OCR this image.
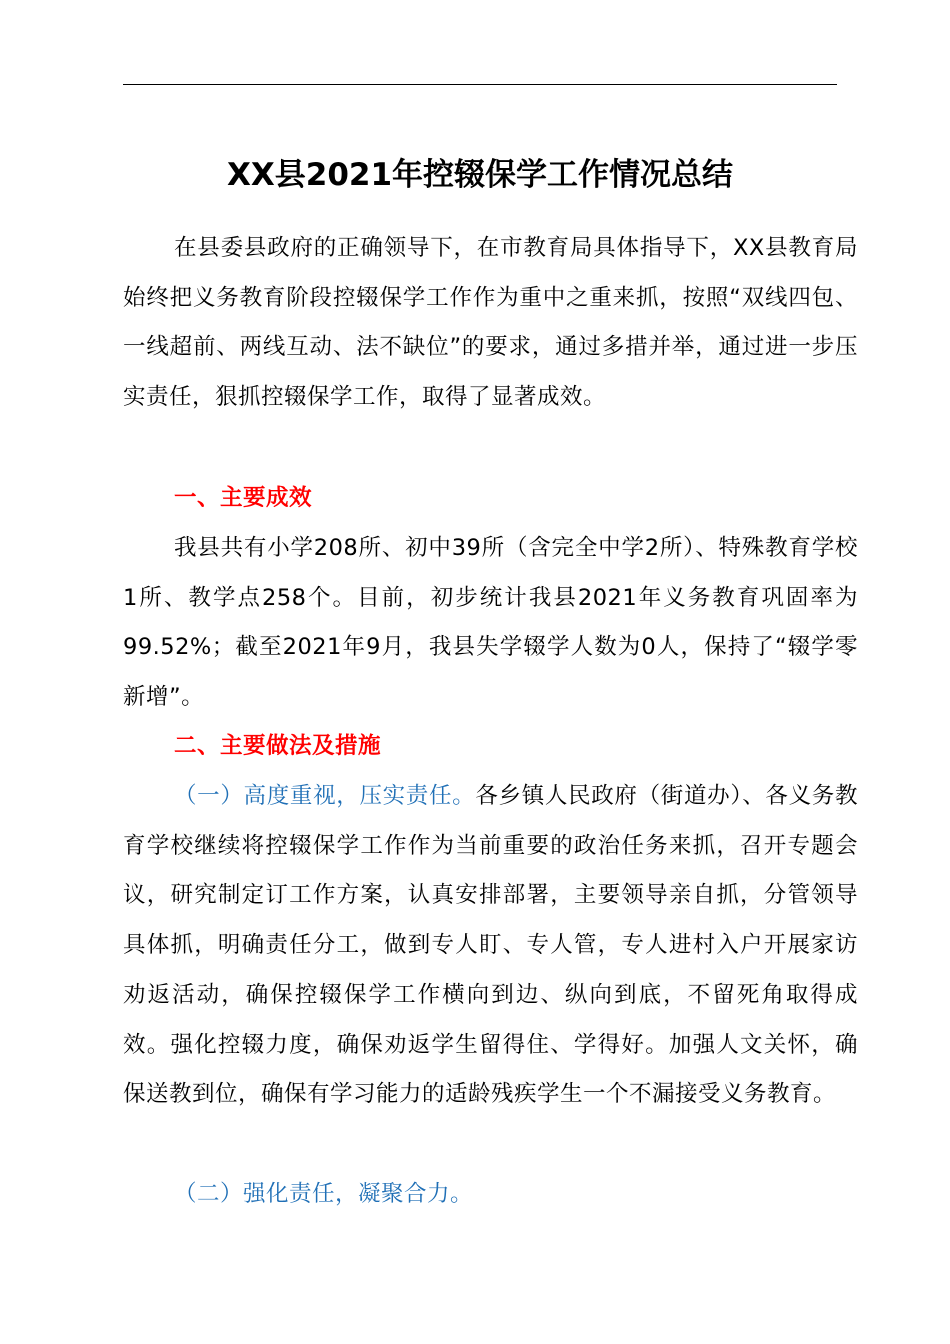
XX县2021年控辍保学工作情况总结

在县委县政府的正确领导下，在市教育局具体指导下，XX县教育局始终把义务教育阶段控辍保学工作作为重中之重来抓，按照“双线四包、一线超前、两线互动、法不缺位”的要求，通过多措并举，通过进一步压实责任，狠抓控辍保学工作，取得了显著成效。

一、主要成效

我县共有小学208所、初中39所（含完全中学2所）、特殊教育学校1所、教学点258个。目前，初步统计我县2021年义务教育巩固率为99.52%；截至2021年9月，我县失学辍学人数为0人，保持了“辍学零新增”。

二、主要做法及措施

（一）高度重视，压实责任。各乡镇人民政府（街道办）、各义务教育学校继续将控辍保学工作作为当前重要的政治任务来抓，召开专题会议，研究制定订工作方案，认真安排部署，主要领导亲自抓，分管领导具体抓，明确责任分工，做到专人盯、专人管，专人进村入户开展家访劝返活动，确保控辍保学工作横向到边、纵向到底，不留死角取得成效。强化控辍力度，确保劝返学生留得住、学得好。加强人文关怀，确保送教到位，确保有学习能力的适龄残疾学生一个不漏接受义务教育。

（二）强化责任，凝聚合力。
